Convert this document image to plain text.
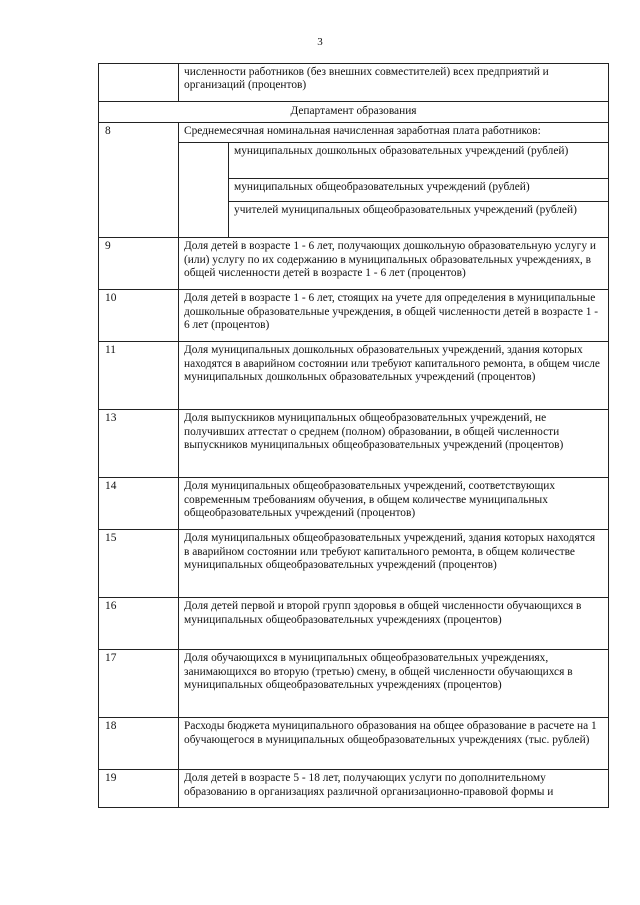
3
	численности работников (без внешних совместителей) всех предприятий и организаций (процентов)	
Департамент образования		
8	Среднемесячная номинальная начисленная заработная плата работников:	
		муниципальных дошкольных образовательных учреждений (рублей)
		муниципальных общеобразовательных учреждений (рублей)
		учителей муниципальных общеобразовательных учреждений (рублей)
9	Доля детей в возрасте 1 - 6 лет, получающих дошкольную образовательную услугу и (или) услугу по их содержанию в муниципальных образовательных учреждениях, в общей численности детей в возрасте 1 - 6 лет (процентов)	
10	Доля детей в возрасте 1 - 6 лет, стоящих на учете для определения в муниципальные дошкольные образовательные учреждения, в общей численности детей в возрасте 1 - 6 лет (процентов)	
11	Доля муниципальных дошкольных образовательных учреждений, здания которых находятся в аварийном состоянии или требуют капитального ремонта, в общем числе муниципальных дошкольных образовательных учреждений (процентов)	
13	Доля выпускников муниципальных общеобразовательных учреждений, не получивших аттестат о среднем (полном) образовании, в общей численности выпускников муниципальных общеобразовательных учреждений (процентов)	
14	Доля муниципальных общеобразовательных учреждений, соответствующих современным требованиям обучения, в общем количестве муниципальных общеобразовательных учреждений (процентов)	
15	Доля муниципальных общеобразовательных учреждений, здания которых находятся в аварийном состоянии или требуют капитального ремонта, в общем количестве муниципальных общеобразовательных учреждений (процентов)	
16	Доля детей первой и второй групп здоровья в общей численности обучающихся в муниципальных общеобразовательных учреждениях (процентов)	
17	Доля обучающихся в муниципальных общеобразовательных учреждениях, занимающихся во вторую (третью) смену, в общей численности обучающихся в муниципальных общеобразовательных учреждениях (процентов)	
18	Расходы бюджета муниципального образования на общее образование в расчете на 1 обучающегося в муниципальных общеобразовательных учреждениях (тыс. рублей)	
19	Доля детей в возрасте 5 - 18 лет, получающих услуги по дополнительному образованию в организациях различной организационно-правовой формы и	
